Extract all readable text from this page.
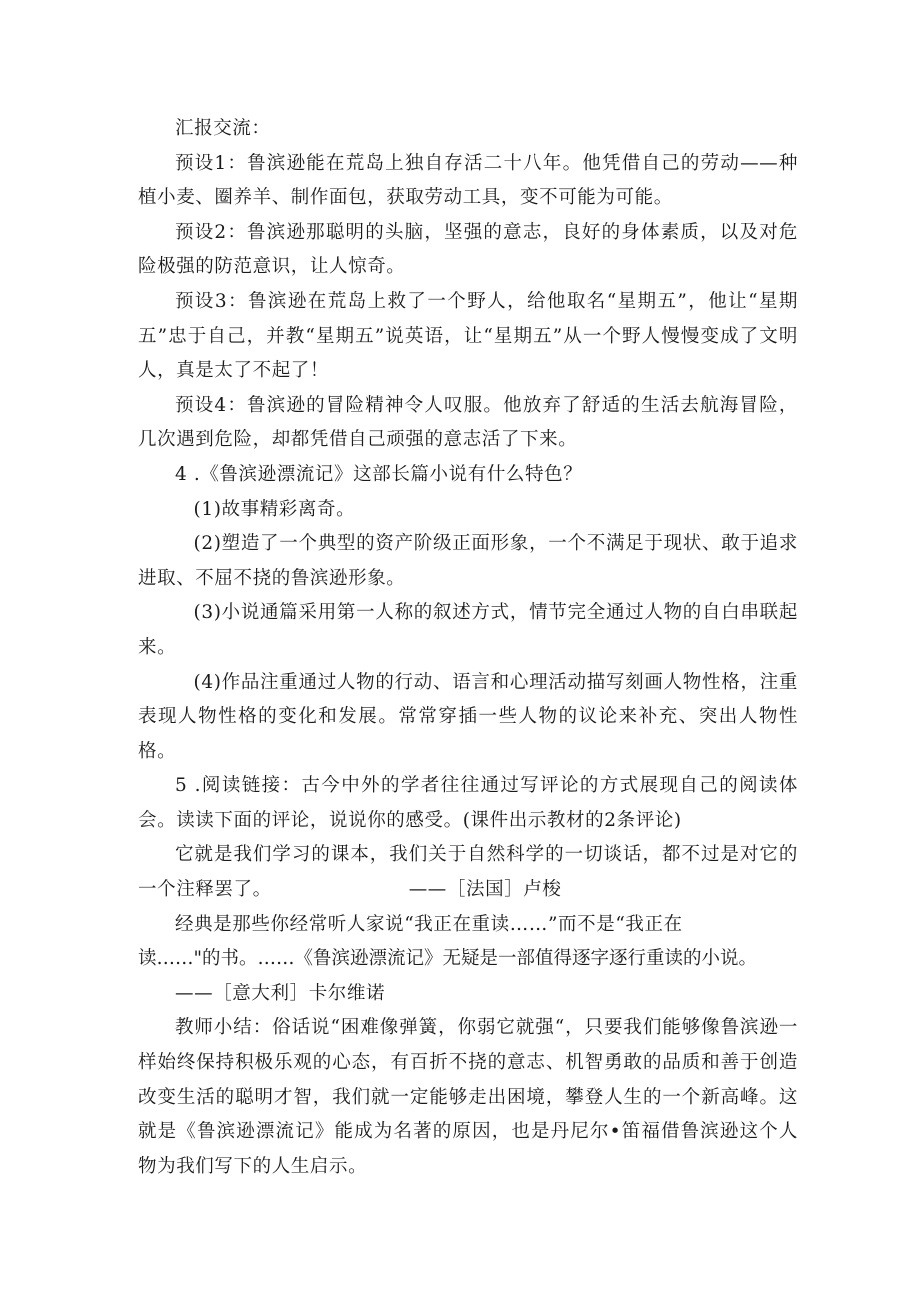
汇报交流：

预设1：鲁滨逊能在荒岛上独自存活二十八年。他凭借自己的劳动——种植小麦、圈养羊、制作面包，获取劳动工具，变不可能为可能。

预设2：鲁滨逊那聪明的头脑，坚强的意志，良好的身体素质，以及对危险极强的防范意识，让人惊奇。

预设3：鲁滨逊在荒岛上救了一个野人，给他取名“星期五”，他让“星期五”忠于自己，并教“星期五”说英语，让“星期五”从一个野人慢慢变成了文明人，真是太了不起了！

预设4：鲁滨逊的冒险精神令人叹服。他放弃了舒适的生活去航海冒险，几次遇到危险，却都凭借自己顽强的意志活了下来。

4 .《鲁滨逊漂流记》这部长篇小说有什么特色？

(1)故事精彩离奇。

(2)塑造了一个典型的资产阶级正面形象，一个不满足于现状、敢于追求进取、不屈不挠的鲁滨逊形象。

(3)小说通篇采用第一人称的叙述方式，情节完全通过人物的自白串联起来。

(4)作品注重通过人物的行动、语言和心理活动描写刻画人物性格，注重表现人物性格的变化和发展。常常穿插一些人物的议论来补充、突出人物性格。

5 .阅读链接：古今中外的学者往往通过写评论的方式展现自己的阅读体会。读读下面的评论，说说你的感受。(课件出示教材的2条评论)

它就是我们学习的课本，我们关于自然科学的一切谈话，都不过是对它的一个注释罢了。	——［法国］卢梭

经典是那些你经常听人家说“我正在重读……”而不是“我正在

读……"的书。……《鲁滨逊漂流记》无疑是一部值得逐字逐行重读的小说。

——［意大利］卡尔维诺

教师小结：俗话说“困难像弹簧，你弱它就强“，只要我们能够像鲁滨逊一样始终保持积极乐观的心态，有百折不挠的意志、机智勇敢的品质和善于创造改变生活的聪明才智，我们就一定能够走出困境，攀登人生的一个新高峰。这就是《鲁滨逊漂流记》能成为名著的原因，也是丹尼尔•笛福借鲁滨逊这个人物为我们写下的人生启示。
